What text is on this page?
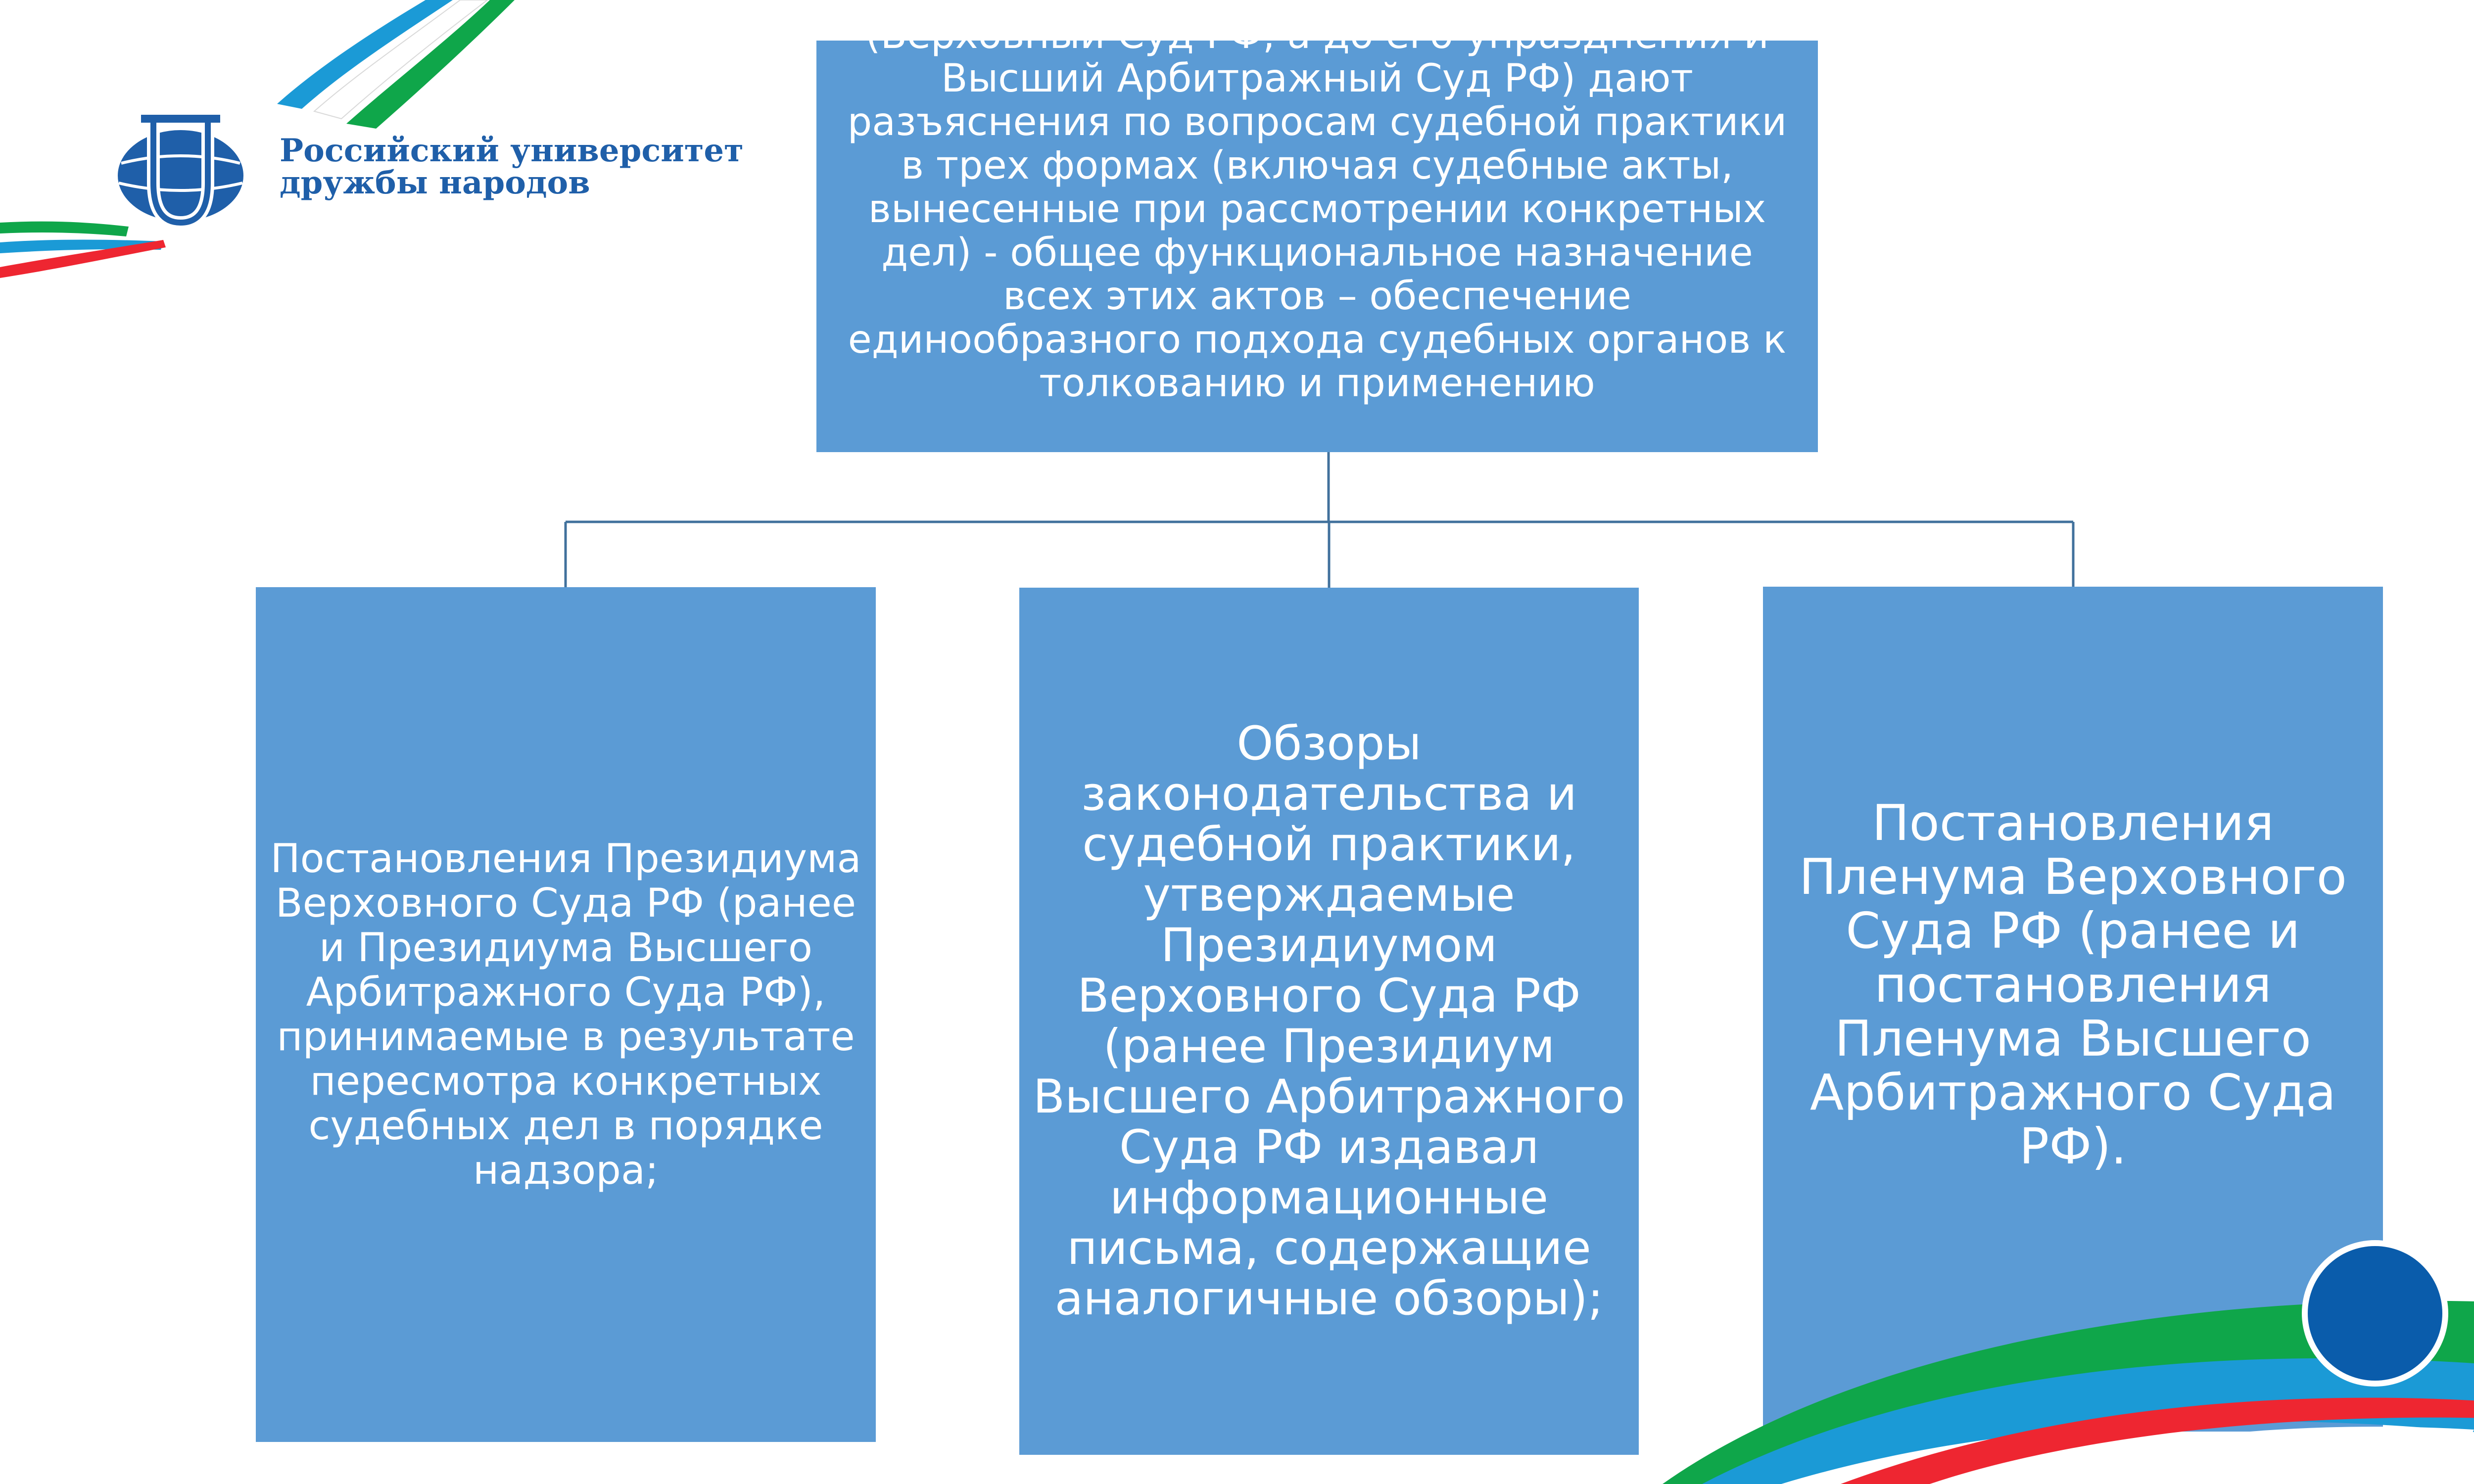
Российский университет
дружбы народов
(Верховный Суд РФ, а до его упразднения и
Высший Арбитражный Суд РФ) дают
разъяснения по вопросам судебной практики
в трех формах (включая судебные акты,
вынесенные при рассмотрении конкретных
дел) - общее функциональное назначение
всех этих актов – обеспечение
единообразного подхода судебных органов к
толкованию и применению
Постановления Президиума
Верховного Суда РФ (ранее
и Президиума Высшего
Арбитражного Суда РФ),
принимаемые в результате
пересмотра конкретных
судебных дел в порядке
надзора;
Обзоры
законодательства и
судебной практики,
утверждаемые
Президиумом
Верховного Суда РФ
(ранее Президиум
Высшего Арбитражного
Суда РФ издавал
информационные
письма, содержащие
аналогичные обзоры);
Постановления
Пленума Верховного
Суда РФ (ранее и
постановления
Пленума Высшего
Арбитражного Суда
РФ).
